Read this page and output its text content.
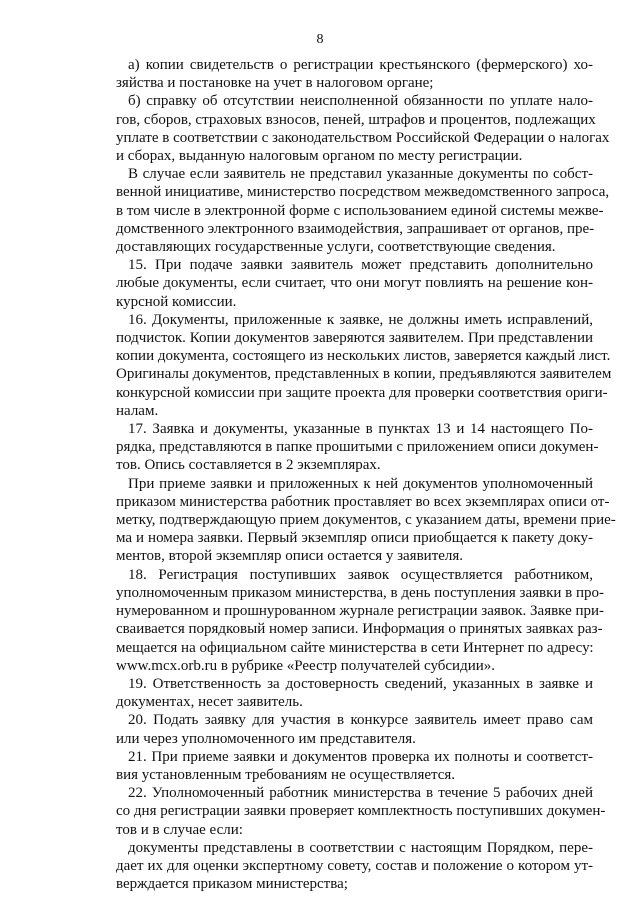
8

а) копии свидетельств о регистрации крестьянского (фермерского) хо-
зяйства и постановке на учет в налоговом органе;

б) справку об отсутствии неисполненной обязанности по уплате нало-
гов, сборов, страховых взносов, пеней, штрафов и процентов, подлежащих
уплате в соответствии с законодательством Российской Федерации о налогах
и сборах, выданную налоговым органом по месту регистрации.

В случае если заявитель не представил указанные документы по собст-
венной инициативе, министерство посредством межведомственного запроса,
в том числе в электронной форме с использованием единой системы межве-
домственного электронного взаимодействия, запрашивает от органов, пре-
доставляющих государственные услуги, соответствующие сведения.

15. При подаче заявки заявитель может представить дополнительно
любые документы, если считает, что они могут повлиять на решение кон-
курсной комиссии.

16. Документы, приложенные к заявке, не должны иметь исправлений,
подчисток. Копии документов заверяются заявителем. При представлении
копии документа, состоящего из нескольких листов, заверяется каждый лист.
Оригиналы документов, представленных в копии, предъявляются заявителем
конкурсной комиссии при защите проекта для проверки соответствия ориги-
налам.

17. Заявка и документы, указанные в пунктах 13 и 14 настоящего По-
рядка, представляются в папке прошитыми с приложением описи докумен-
тов. Опись составляется в 2 экземплярах.

При приеме заявки и приложенных к ней документов уполномоченный
приказом министерства работник проставляет во всех экземплярах описи от-
метку, подтверждающую прием документов, с указанием даты, времени прие-
ма и номера заявки. Первый экземпляр описи приобщается к пакету доку-
ментов, второй экземпляр описи остается у заявителя.

18. Регистрация поступивших заявок осуществляется работником,
уполномоченным приказом министерства, в день поступления заявки в про-
нумерованном и прошнурованном журнале регистрации заявок. Заявке при-
сваивается порядковый номер записи. Информация о принятых заявках раз-
мещается на официальном сайте министерства в сети Интернет по адресу:
www.mcx.orb.ru в рубрике «Реестр получателей субсидии».

19. Ответственность за достоверность сведений, указанных в заявке и
документах, несет заявитель.

20. Подать заявку для участия в конкурсе заявитель имеет право сам
или через уполномоченного им представителя.

21. При приеме заявки и документов проверка их полноты и соответст-
вия установленным требованиям не осуществляется.

22. Уполномоченный работник министерства в течение 5 рабочих дней
со дня регистрации заявки проверяет комплектность поступивших докумен-
тов и в случае если:

документы представлены в соответствии с настоящим Порядком, пере-
дает их для оценки экспертному совету, состав и положение о котором ут-
верждается приказом министерства;
